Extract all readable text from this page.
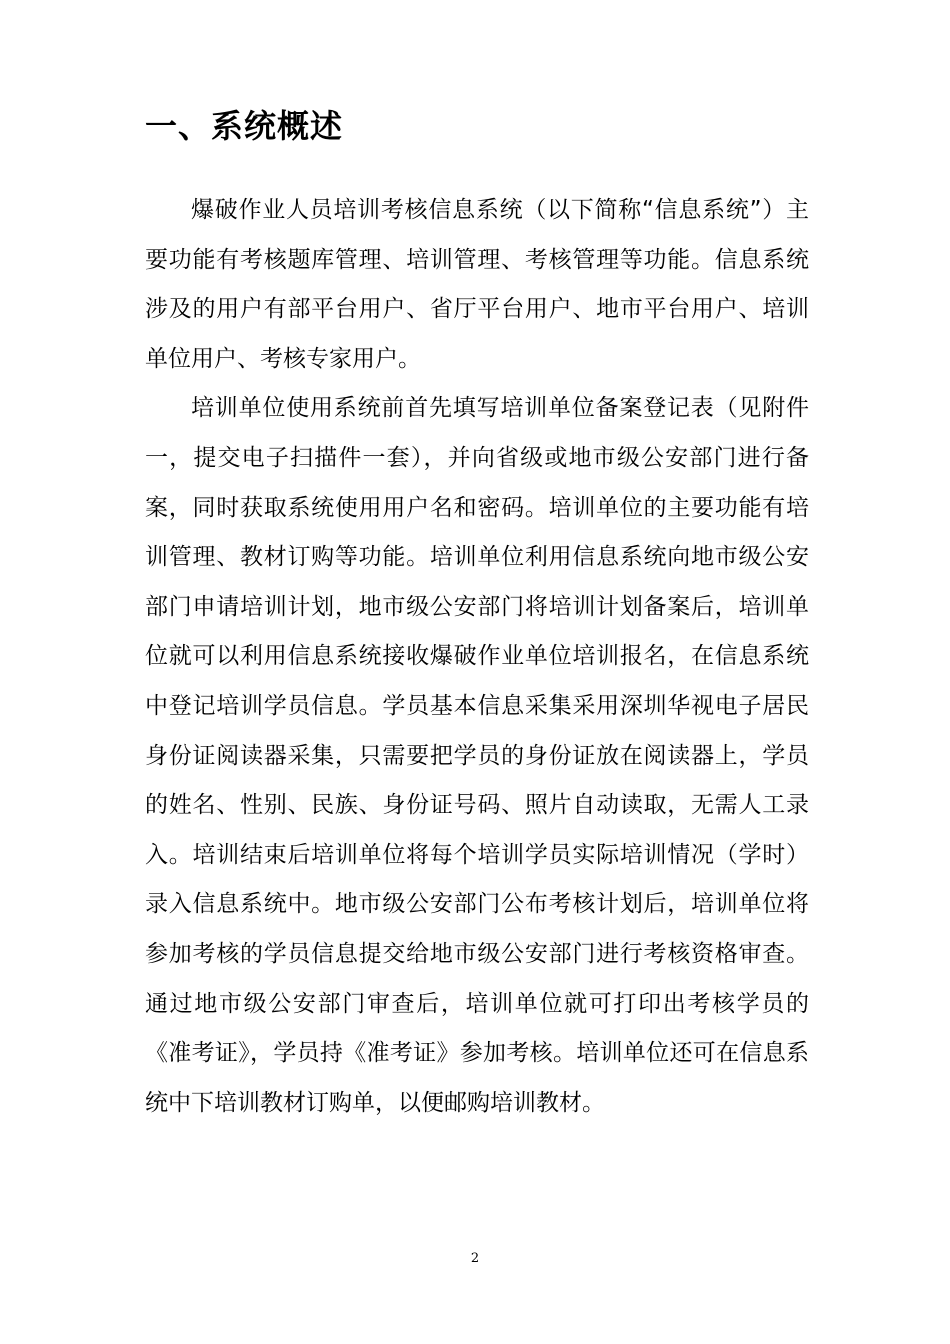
一、系统概述

爆破作业人员培训考核信息系统（以下简称“信息系统”）主要功能有考核题库管理、培训管理、考核管理等功能。信息系统涉及的用户有部平台用户、省厅平台用户、地市平台用户、培训单位用户、考核专家用户。

培训单位使用系统前首先填写培训单位备案登记表（见附件一，提交电子扫描件一套），并向省级或地市级公安部门进行备案，同时获取系统使用用户名和密码。培训单位的主要功能有培训管理、教材订购等功能。培训单位利用信息系统向地市级公安部门申请培训计划，地市级公安部门将培训计划备案后，培训单位就可以利用信息系统接收爆破作业单位培训报名，在信息系统中登记培训学员信息。学员基本信息采集采用深圳华视电子居民身份证阅读器采集，只需要把学员的身份证放在阅读器上，学员的姓名、性别、民族、身份证号码、照片自动读取，无需人工录入。培训结束后培训单位将每个培训学员实际培训情况（学时）录入信息系统中。地市级公安部门公布考核计划后，培训单位将参加考核的学员信息提交给地市级公安部门进行考核资格审查。通过地市级公安部门审查后，培训单位就可打印出考核学员的《准考证》，学员持《准考证》参加考核。培训单位还可在信息系统中下培训教材订购单，以便邮购培训教材。

2
